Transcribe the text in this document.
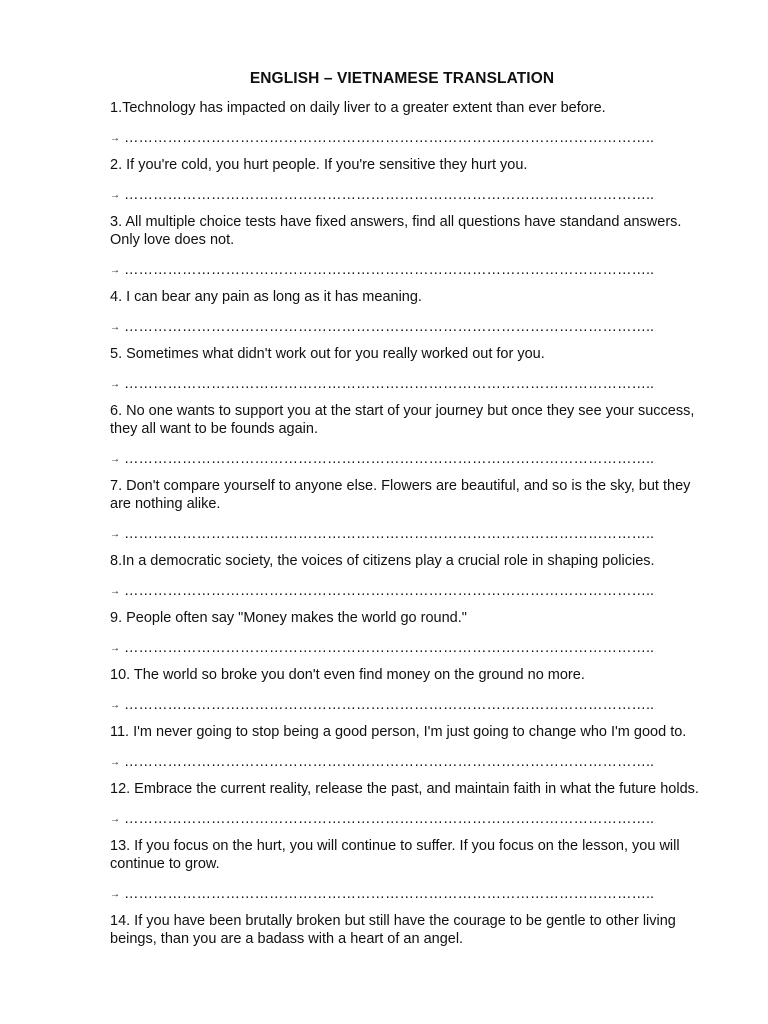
ENGLISH – VIETNAMESE TRANSLATION

1.Technology has impacted on daily liver to a greater extent than ever before.

→ ………………………………………………………………………………………………..

2. If you're cold, you hurt people. If you're sensitive they hurt you.

→ ………………………………………………………………………………………………..

3. All multiple choice tests have fixed answers, find all questions have standand answers. Only love does not.

→ ………………………………………………………………………………………………..

4. I can bear any pain as long as it has meaning.

→ ………………………………………………………………………………………………..

5. Sometimes what didn't work out for you really worked out for you.

→ ………………………………………………………………………………………………..

6. No one wants to support you at the start of your journey but once they see your success, they all want to be founds again.

→ ………………………………………………………………………………………………..

7. Don't compare yourself to anyone else. Flowers are beautiful, and so is the sky, but they are nothing alike.

→ ………………………………………………………………………………………………..

8.In a democratic society, the voices of citizens play a crucial role in shaping policies.

→ ………………………………………………………………………………………………..

9. People often say "Money makes the world go round."

→ ………………………………………………………………………………………………..

10. The world so broke you don't even find money on the ground no more.

→ ………………………………………………………………………………………………..

11. I'm never going to stop being a good person, I'm just going to change who I'm good to.

→ ………………………………………………………………………………………………..

12. Embrace the current reality, release the past, and maintain faith in what the future holds.

→ ………………………………………………………………………………………………..

13. If you focus on the hurt, you will continue to suffer. If you focus on the lesson, you will continue to grow.

→ ………………………………………………………………………………………………..

14. If you have been brutally broken but still have the courage to be gentle to other living beings, than you are a badass with a heart of an angel.
